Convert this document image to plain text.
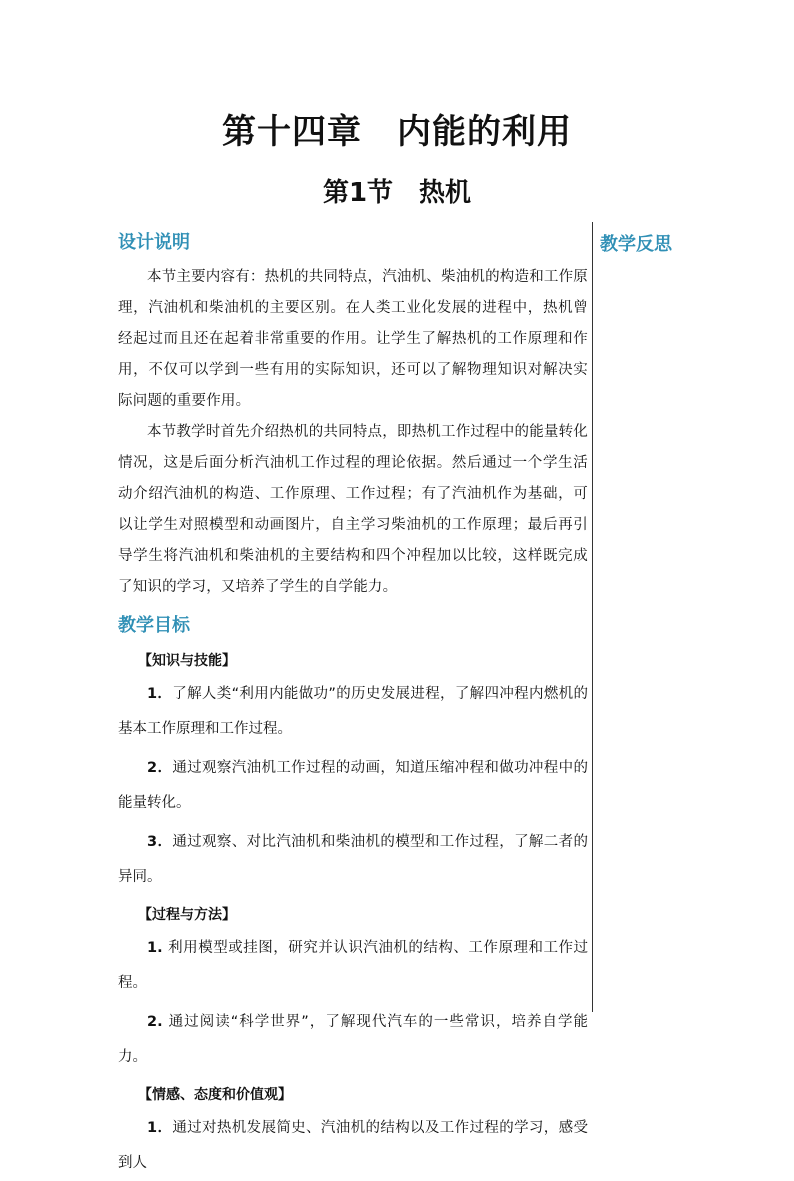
第十四章　内能的利用
第1节　热机
教学反思
设计说明

本节主要内容有：热机的共同特点，汽油机、柴油机的构造和工作原理，汽油机和柴油机的主要区别。在人类工业化发展的进程中，热机曾经起过而且还在起着非常重要的作用。让学生了解热机的工作原理和作用，不仅可以学到一些有用的实际知识，还可以了解物理知识对解决实际问题的重要作用。

本节教学时首先介绍热机的共同特点，即热机工作过程中的能量转化情况，这是后面分析汽油机工作过程的理论依据。然后通过一个学生活动介绍汽油机的构造、工作原理、工作过程；有了汽油机作为基础，可以让学生对照模型和动画图片，自主学习柴油机的工作原理；最后再引导学生将汽油机和柴油机的主要结构和四个冲程加以比较，这样既完成了知识的学习，又培养了学生的自学能力。

教学目标
【知识与技能】

1．了解人类“利用内能做功”的历史发展进程，了解四冲程内燃机的基本工作原理和工作过程。

2．通过观察汽油机工作过程的动画，知道压缩冲程和做功冲程中的能量转化。

3．通过观察、对比汽油机和柴油机的模型和工作过程，了解二者的异同。

【过程与方法】

1. 利用模型或挂图，研究并认识汽油机的结构、工作原理和工作过程。

2. 通过阅读“科学世界”，了解现代汽车的一些常识，培养自学能力。

【情感、态度和价值观】

1．通过对热机发展简史、汽油机的结构以及工作过程的学习，感受到人
